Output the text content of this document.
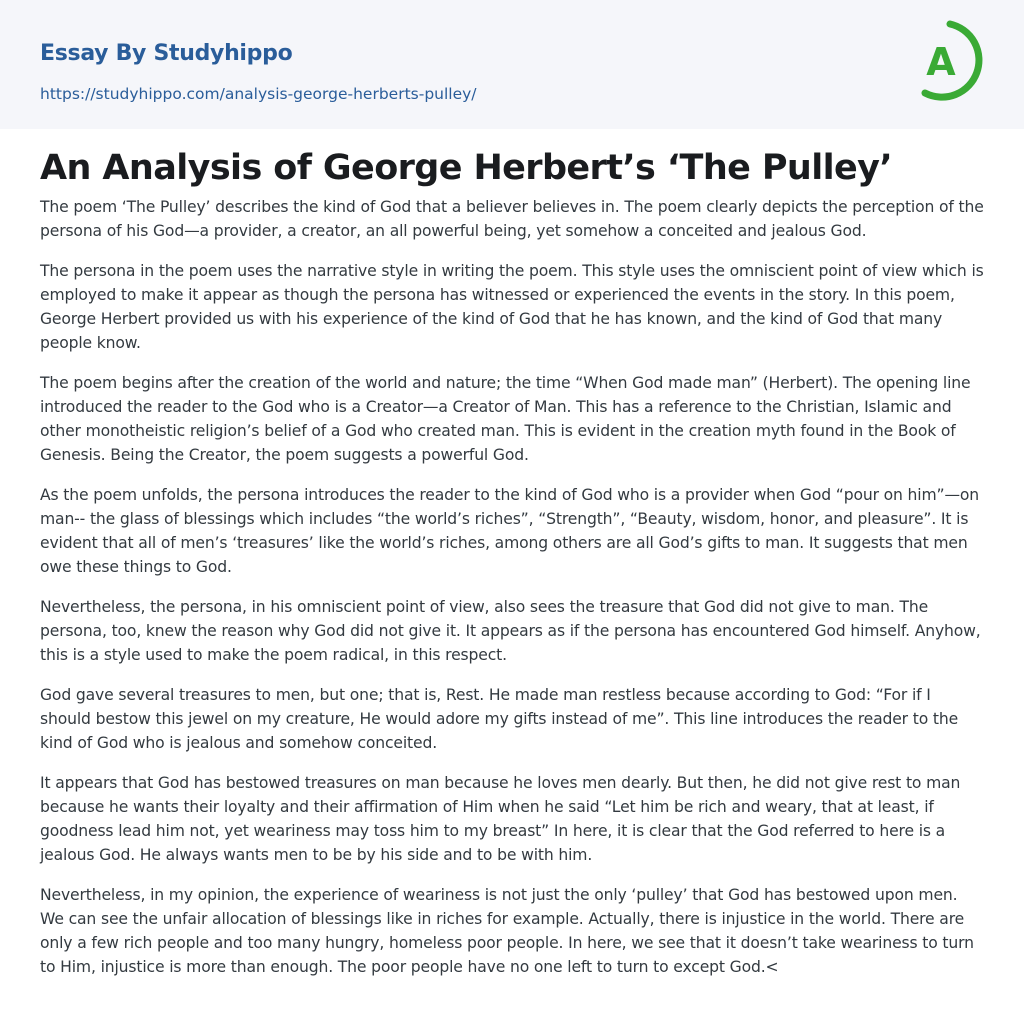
Essay By Studyhippo
https://studyhippo.com/analysis-george-herberts-pulley/
A
An Analysis of George Herbert’s ‘The Pulley’

The poem ‘The Pulley’ describes the kind of God that a believer believes in. The poem clearly depicts the perception of the persona of his God—a provider, a creator, an all powerful being, yet somehow a conceited and jealous God.

The persona in the poem uses the narrative style in writing the poem. This style uses the omniscient point of view which is employed to make it appear as though the persona has witnessed or experienced the events in the story. In this poem, George Herbert provided us with his experience of the kind of God that he has known, and the kind of God that many people know.

The poem begins after the creation of the world and nature; the time “When God made man” (Herbert). The opening line introduced the reader to the God who is a Creator—a Creator of Man. This has a reference to the Christian, Islamic and other monotheistic religion’s belief of a God who created man. This is evident in the creation myth found in the Book of Genesis. Being the Creator, the poem suggests a powerful God.

As the poem unfolds, the persona introduces the reader to the kind of God who is a provider when God “pour on him”—on man-- the glass of blessings which includes “the world’s riches”, “Strength”, “Beauty, wisdom, honor, and pleasure”. It is evident that all of men’s ‘treasures’ like the world’s riches, among others are all God’s gifts to man. It suggests that men owe these things to God.

Nevertheless, the persona, in his omniscient point of view, also sees the treasure that God did not give to man. The persona, too, knew the reason why God did not give it. It appears as if the persona has encountered God himself. Anyhow, this is a style used to make the poem radical, in this respect.

God gave several treasures to men, but one; that is, Rest. He made man restless because according to God: “For if I should bestow this jewel on my creature, He would adore my gifts instead of me”. This line introduces the reader to the kind of God who is jealous and somehow conceited.

It appears that God has bestowed treasures on man because he loves men dearly. But then, he did not give rest to man because he wants their loyalty and their affirmation of Him when he said “Let him be rich and weary, that at least, if goodness lead him not, yet weariness may toss him to my breast” In here, it is clear that the God referred to here is a jealous God. He always wants men to be by his side and to be with him.

Nevertheless, in my opinion, the experience of weariness is not just the only ‘pulley’ that God has bestowed upon men. We can see the unfair allocation of blessings like in riches for example. Actually, there is injustice in the world. There are only a few rich people and too many hungry, homeless poor people. In here, we see that it doesn’t take weariness to turn to Him, injustice is more than enough. The poor people have no one left to turn to except God.<
